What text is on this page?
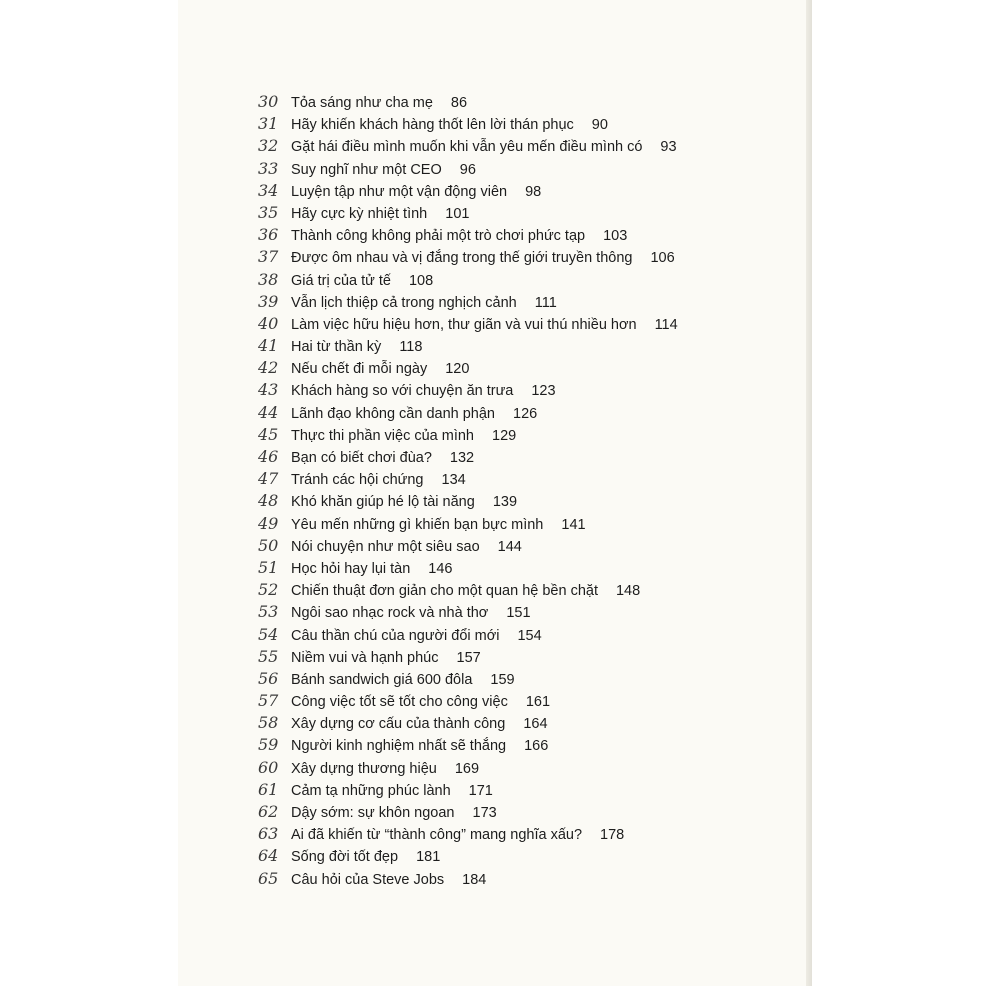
30 Tỏa sáng như cha mẹ 86
31 Hãy khiến khách hàng thốt lên lời thán phục 90
32 Gặt hái điều mình muốn khi vẫn yêu mến điều mình có 93
33 Suy nghĩ như một CEO 96
34 Luyện tập như một vận động viên 98
35 Hãy cực kỳ nhiệt tình 101
36 Thành công không phải một trò chơi phức tạp 103
37 Được ôm nhau và vị đắng trong thế giới truyền thông 106
38 Giá trị của tử tế 108
39 Vẫn lịch thiệp cả trong nghịch cảnh 111
40 Làm việc hữu hiệu hơn, thư giãn và vui thú nhiều hơn 114
41 Hai từ thần kỳ 118
42 Nếu chết đi mỗi ngày 120
43 Khách hàng so với chuyện ăn trưa 123
44 Lãnh đạo không cần danh phận 126
45 Thực thi phần việc của mình 129
46 Bạn có biết chơi đùa? 132
47 Tránh các hội chứng 134
48 Khó khăn giúp hé lộ tài năng 139
49 Yêu mến những gì khiến bạn bực mình 141
50 Nói chuyện như một siêu sao 144
51 Học hỏi hay lụi tàn 146
52 Chiến thuật đơn giản cho một quan hệ bền chặt 148
53 Ngôi sao nhạc rock và nhà thơ 151
54 Câu thần chú của người đổi mới 154
55 Niềm vui và hạnh phúc 157
56 Bánh sandwich giá 600 đôla 159
57 Công việc tốt sẽ tốt cho công việc 161
58 Xây dựng cơ cấu của thành công 164
59 Người kinh nghiệm nhất sẽ thắng 166
60 Xây dựng thương hiệu 169
61 Cảm tạ những phúc lành 171
62 Dậy sớm: sự khôn ngoan 173
63 Ai đã khiến từ “thành công” mang nghĩa xấu? 178
64 Sống đời tốt đẹp 181
65 Câu hỏi của Steve Jobs 184
